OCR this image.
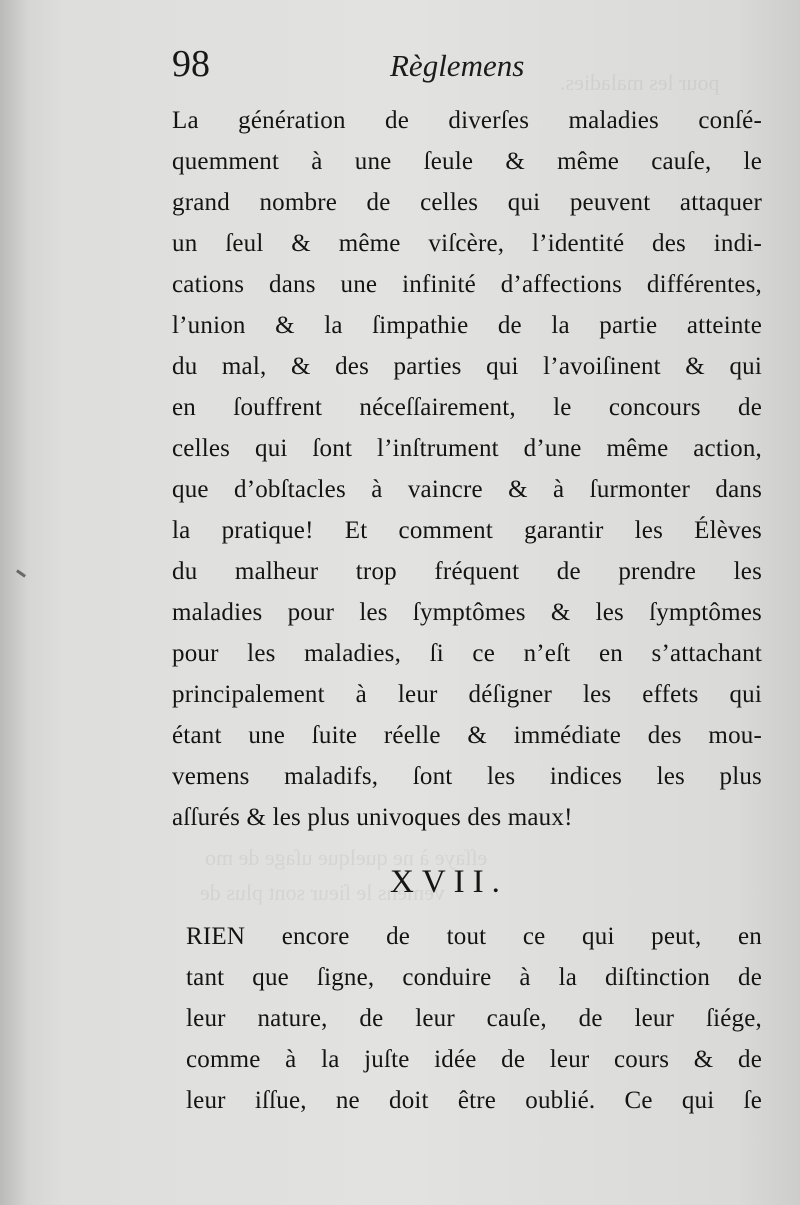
pour les maladies.
eſſaye à ne quelque uſage de mo
vemens le ſieur sont plus de
98	Règlemens
La génération de diverſes maladies conſé-
quemment à une ſeule & même cauſe, le
grand nombre de celles qui peuvent attaquer
un ſeul & même viſcère, l’identité des indi-
cations dans une infinité d’affections différentes,
l’union & la ſimpathie de la partie atteinte
du mal, & des parties qui l’avoiſinent & qui
en ſouffrent néceſſairement, le concours de
celles qui ſont l’inſtrument d’une même action,
que d’obſtacles à vaincre & à ſurmonter dans
la pratique! Et comment garantir les Élèves
du malheur trop fréquent de prendre les
maladies pour les ſymptômes & les ſymptômes
pour les maladies, ſi ce n’eſt en s’attachant
principalement à leur déſigner les effets qui
étant une ſuite réelle & immédiate des mou-
vemens maladifs, ſont les indices les plus
aſſurés & les plus univoques des maux!
XVII.
RIEN encore de tout ce qui peut, en
tant que ſigne, conduire à la diſtinction de
leur nature, de leur cauſe, de leur ſiége,
comme à la juſte idée de leur cours & de
leur iſſue, ne doit être oublié. Ce qui ſe
